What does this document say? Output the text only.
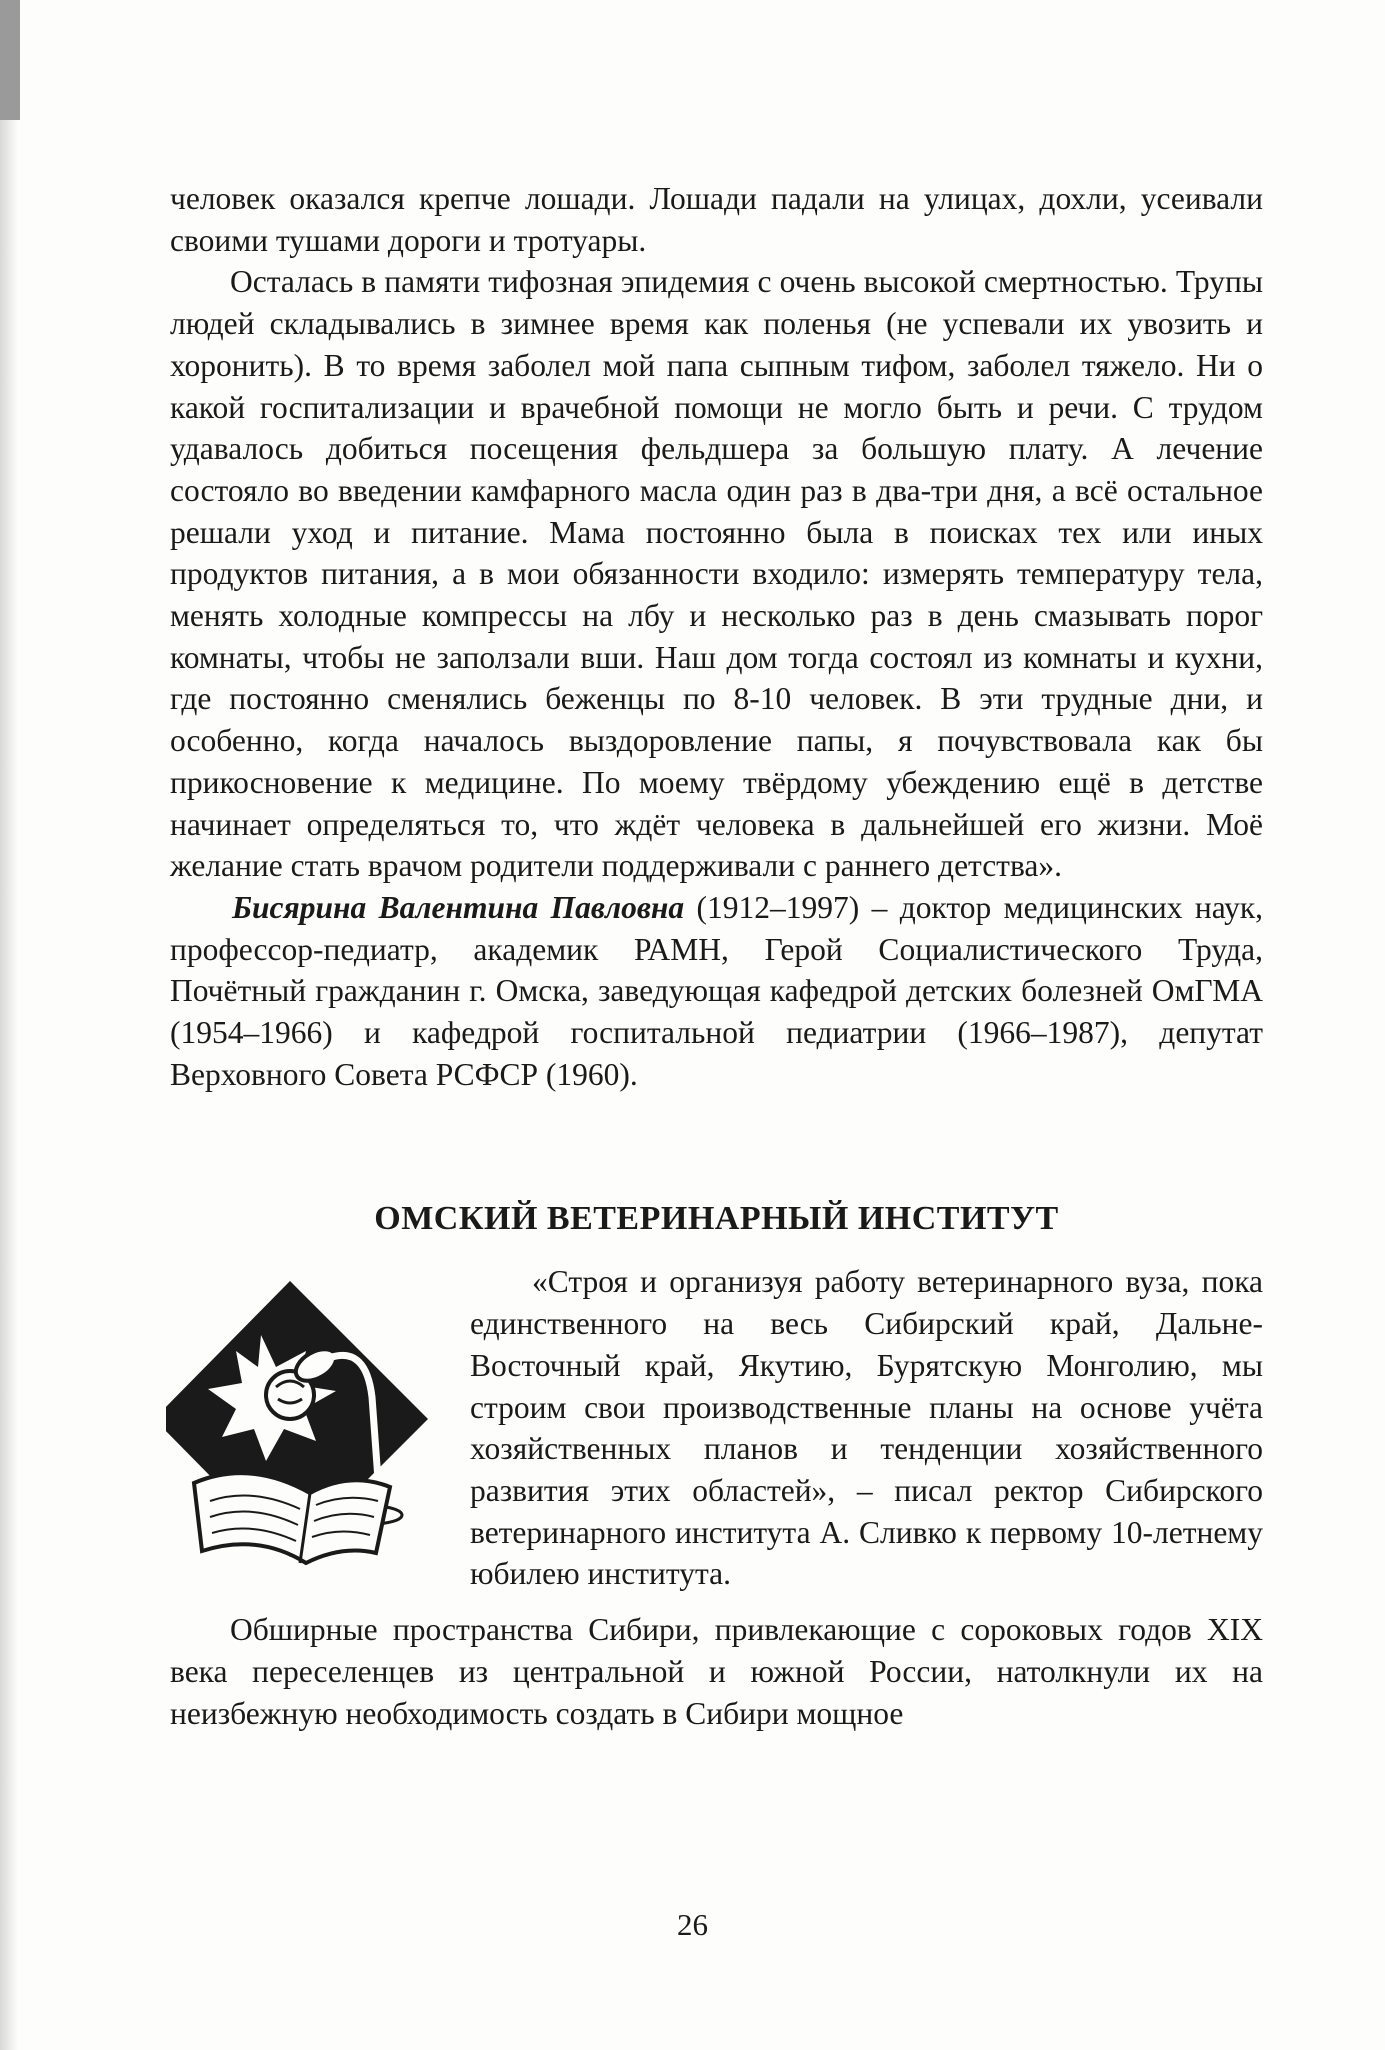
человек оказался крепче лошади. Лошади падали на улицах, дохли, усеивали своими тушами дороги и тротуары.

Осталась в памяти тифозная эпидемия с очень высокой смертностью. Трупы людей складывались в зимнее время как поленья (не успевали их увозить и хоронить). В то время заболел мой папа сыпным тифом, заболел тяжело. Ни о какой госпитализации и врачебной помощи не могло быть и речи. С трудом удавалось добиться посещения фельдшера за большую плату. А лечение состояло во введении камфарного масла один раз в два-три дня, а всё остальное решали уход и питание. Мама постоянно была в поисках тех или иных продуктов питания, а в мои обязанности входило: измерять температуру тела, менять холодные компрессы на лбу и несколько раз в день смазывать порог комнаты, чтобы не заползали вши. Наш дом тогда состоял из комнаты и кухни, где постоянно сменялись беженцы по 8-10 человек. В эти трудные дни, и особенно, когда началось выздоровление папы, я почувствовала как бы прикосновение к медицине. По моему твёрдому убеждению ещё в детстве начинает определяться то, что ждёт человека в дальнейшей его жизни. Моё желание стать врачом родители поддерживали с раннего детства».

Бисярина Валентина Павловна (1912–1997) – доктор медицинских наук, профессор-педиатр, академик РАМН, Герой Социалистического Труда, Почётный гражданин г. Омска, заведующая кафедрой детских болезней ОмГМА (1954–1966) и кафедрой госпитальной педиатрии (1966–1987), депутат Верховного Совета РСФСР (1960).

ОМСКИЙ ВЕТЕРИНАРНЫЙ ИНСТИТУТ

«Строя и организуя работу ветеринарного вуза, пока единственного на весь Сибирский край, Дальне-Восточный край, Якутию, Бурятскую Монголию, мы строим свои производственные планы на основе учёта хозяйственных планов и тенденции хозяйственного развития этих областей», – писал ректор Сибирского ветеринарного института А. Сливко к первому 10-летнему юбилею института.

Обширные пространства Сибири, привлекающие с сороковых годов XIX века переселенцев из центральной и южной России, натолкнули их на неизбежную необходимость создать в Сибири мощное

26
